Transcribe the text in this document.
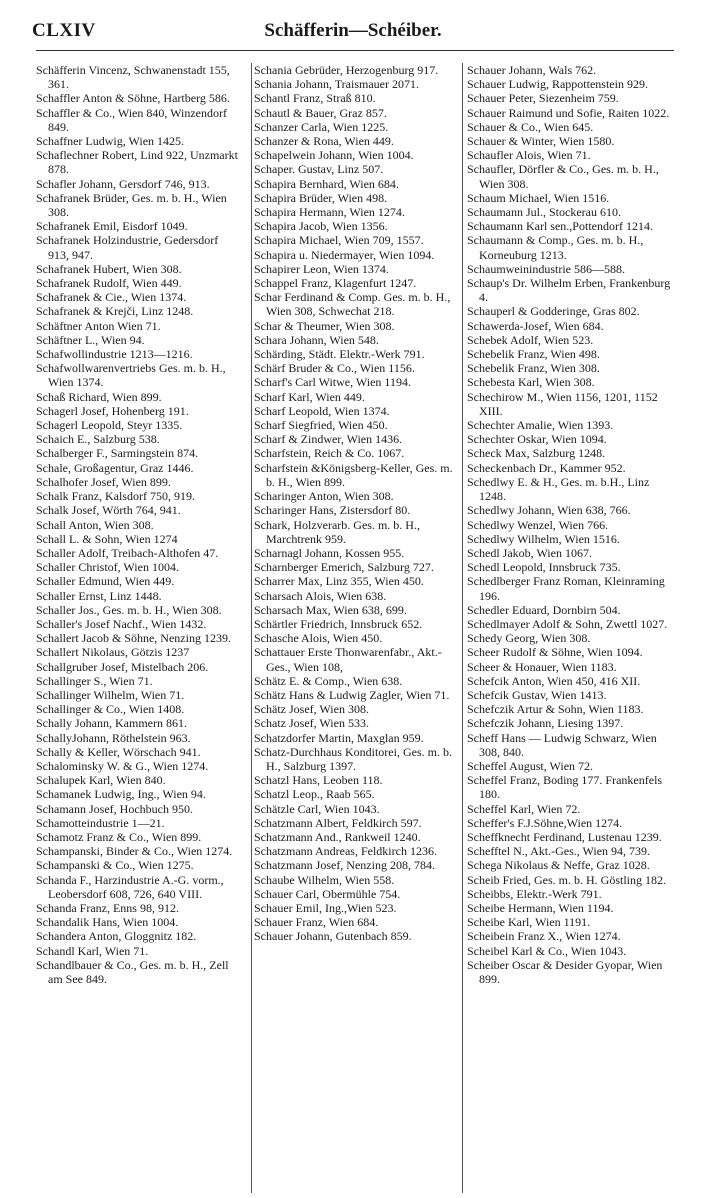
CLXIV	Schäfferin—Schéiber.

Schäfferin Vincenz, Schwanenstadt 155, 361.

Schaffler Anton & Söhne, Hartberg 586.

Schaffler & Co., Wien 840, Winzendorf 849.

Schaffner Ludwig, Wien 1425.

Schaflechner Robert, Lind 922, Unzmarkt 878.

Schafler Johann, Gersdorf 746, 913.

Schafranek Brüder, Ges. m. b. H., Wien 308.

Schafranek Emil, Eisdorf 1049.

Schafranek Holzindustrie, Gedersdorf 913, 947.

Schafranek Hubert, Wien 308.

Schafranek Rudolf, Wien 449.

Schafranek & Cie., Wien 1374.

Schafranek & Krejči, Linz 1248.

Schäftner Anton Wien 71.

Schäftner L., Wien 94.

Schafwollindustrie 1213—1216.

Schafwollwarenvertriebs Ges. m. b. H., Wien 1374.

Schaß Richard, Wien 899.

Schagerl Josef, Hohenberg 191.

Schagerl Leopold, Steyr 1335.

Schaich E., Salzburg 538.

Schalberger F., Sarmingstein 874.

Schale, Großagentur, Graz 1446.

Schalhofer Josef, Wien 899.

Schalk Franz, Kalsdorf 750, 919.

Schalk Josef, Wörth 764, 941.

Schall Anton, Wien 308.

Schall L. & Sohn, Wien 1274

Schaller Adolf, Treibach-Althofen 47.

Schaller Christof, Wien 1004.

Schaller Edmund, Wien 449.

Schaller Ernst, Linz 1448.

Schaller Jos., Ges. m. b. H., Wien 308.

Schaller's Josef Nachf., Wien 1432.

Schallert Jacob & Söhne, Nenzing 1239.

Schallert Nikolaus, Götzis 1237

Schallgruber Josef, Mistelbach 206.

Schallinger S., Wien 71.

Schallinger Wilhelm, Wien 71.

Schallinger & Co., Wien 1408.

Schally Johann, Kammern 861.

SchallyJohann, Röthelstein 963.

Schally & Keller, Wörschach 941.

Schalominsky W. & G., Wien 1274.

Schalupek Karl, Wien 840.

Schamanek Ludwig, Ing., Wien 94.

Schamann Josef, Hochbuch 950.

Schamotteindustrie 1—21.

Schamotz Franz & Co., Wien 899.

Schampanski, Binder & Co., Wien 1274.

Schampanski & Co., Wien 1275.

Schanda F., Harzindustrie A.-G. vorm., Leobersdorf 608, 726, 640 VIII.

Schanda Franz, Enns 98, 912.

Schandalik Hans, Wien 1004.

Schandera Anton, Gloggnitz 182.

Schandl Karl, Wien 71.

Schandlbauer & Co., Ges. m. b. H., Zell am See 849.

Schania Gebrüder, Herzogenburg 917.

Schania Johann, Traismauer 2071.

Schantl Franz, Straß 810.

Schautl & Bauer, Graz 857.

Schanzer Carla, Wien 1225.

Schanzer & Rona, Wien 449.

Schapelwein Johann, Wien 1004.

Schaper. Gustav, Linz 507.

Schapira Bernhard, Wien 684.

Schapira Brüder, Wien 498.

Schapira Hermann, Wien 1274.

Schapira Jacob, Wien 1356.

Schapira Michael, Wien 709, 1557.

Schapira u. Niedermayer, Wien 1094.

Schapirer Leon, Wien 1374.

Schappel Franz, Klagenfurt 1247.

Schar Ferdinand & Comp. Ges. m. b. H., Wien 308, Schwechat 218.

Schar & Theumer, Wien 308.

Schara Johann, Wien 548.

Schärding, Städt. Elektr.-Werk 791.

Schärf Bruder & Co., Wien 1156.

Scharf's Carl Witwe, Wien 1194.

Scharf Karl, Wien 449.

Scharf Leopold, Wien 1374.

Scharf Siegfried, Wien 450.

Scharf & Zindwer, Wien 1436.

Scharfstein, Reich & Co. 1067.

Scharfstein &Königsberg-Keller, Ges. m. b. H., Wien 899.

Scharinger Anton, Wien 308.

Scharinger Hans, Zistersdorf 80.

Schark, Holzverarb. Ges. m. b. H., Marchtrenk 959.

Scharnagl Johann, Kossen 955.

Scharnberger Emerich, Salzburg 727.

Scharrer Max, Linz 355, Wien 450.

Scharsach Alois, Wien 638.

Scharsach Max, Wien 638, 699.

Schärtler Friedrich, Innsbruck 652.

Schasche Alois, Wien 450.

Schattauer Erste Thonwarenfabr., Akt.-Ges., Wien 108,

Schätz E. & Comp., Wien 638.

Schätz Hans & Ludwig Zagler, Wien 71.

Schätz Josef, Wien 308.

Schatz Josef, Wien 533.

Schatzdorfer Martin, Maxglan 959.

Schatz-Durchhaus Konditorei, Ges. m. b. H., Salzburg 1397.

Schatzl Hans, Leoben 118.

Schatzl Leop., Raab 565.

Schätzle Carl, Wien 1043.

Schatzmann Albert, Feldkirch 597.

Schatzmann And., Rankweil 1240.

Schatzmann Andreas, Feldkirch 1236.

Schatzmann Josef, Nenzing 208, 784.

Schaube Wilhelm, Wien 558.

Schauer Carl, Obermühle 754.

Schauer Emil, Ing.,Wien 523.

Schauer Franz, Wien 684.

Schauer Johann, Gutenbach 859.

Schauer Johann, Wals 762.

Schauer Ludwig, Rappottenstein 929.

Schauer Peter, Siezenheim 759.

Schauer Raimund und Sofie, Raiten 1022.

Schauer & Co., Wien 645.

Schauer & Winter, Wien 1580.

Schaufler Alois, Wien 71.

Schaufler, Dörfler & Co., Ges. m. b. H., Wien 308.

Schaum Michael, Wien 1516.

Schaumann Jul., Stockerau 610.

Schaumann Karl sen.,Pottendorf 1214.

Schaumann & Comp., Ges. m. b. H., Korneuburg 1213.

Schaumweinindustrie 586—588.

Schaup's Dr. Wilhelm Erben, Frankenburg 4.

Schauperl & Godderinge, Gras 802.

Schawerda-Josef, Wien 684.

Schebek Adolf, Wien 523.

Schebelik Franz, Wien 498.

Schebelik Franz, Wien 308.

Schebesta Karl, Wien 308.

Schechirow M., Wien 1156, 1201, 1152 XIII.

Schechter Amalie, Wien 1393.

Schechter Oskar, Wien 1094.

Scheck Max, Salzburg 1248.

Scheckenbach Dr., Kammer 952.

Schedlwy E. & H., Ges. m. b.H., Linz 1248.

Schedlwy Johann, Wien 638, 766.

Schedlwy Wenzel, Wien 766.

Schedlwy Wilhelm, Wien 1516.

Schedl Jakob, Wien 1067.

Schedl Leopold, Innsbruck 735.

Schedlberger Franz Roman, Kleinraming 196.

Schedler Eduard, Dornbirn 504.

Schedlmayer Adolf & Sohn, Zwettl 1027.

Schedy Georg, Wien 308.

Scheer Rudolf & Söhne, Wien 1094.

Scheer & Honauer, Wien 1183.

Schefcik Anton, Wien 450, 416 XII.

Schefcik Gustav, Wien 1413.

Schefczik Artur & Sohn, Wien 1183.

Schefczik Johann, Liesing 1397.

Scheff Hans — Ludwig Schwarz, Wien 308, 840.

Scheffel August, Wien 72.

Scheffel Franz, Boding 177. Frankenfels 180.

Scheffel Karl, Wien 72.

Scheffer's F.J.Söhne,Wien 1274.

Scheffknecht Ferdinand, Lustenau 1239.

Schefftel N., Akt.-Ges., Wien 94, 739.

Schega Nikolaus & Neffe, Graz 1028.

Scheib Fried, Ges. m. b. H. Göstling 182.

Scheibbs, Elektr.-Werk 791.

Scheibe Hermann, Wien 1194.

Scheibe Karl, Wien 1191.

Scheibein Franz X., Wien 1274.

Scheibel Karl & Co., Wien 1043.

Scheiber Oscar & Desider Gyopar, Wien 899.
